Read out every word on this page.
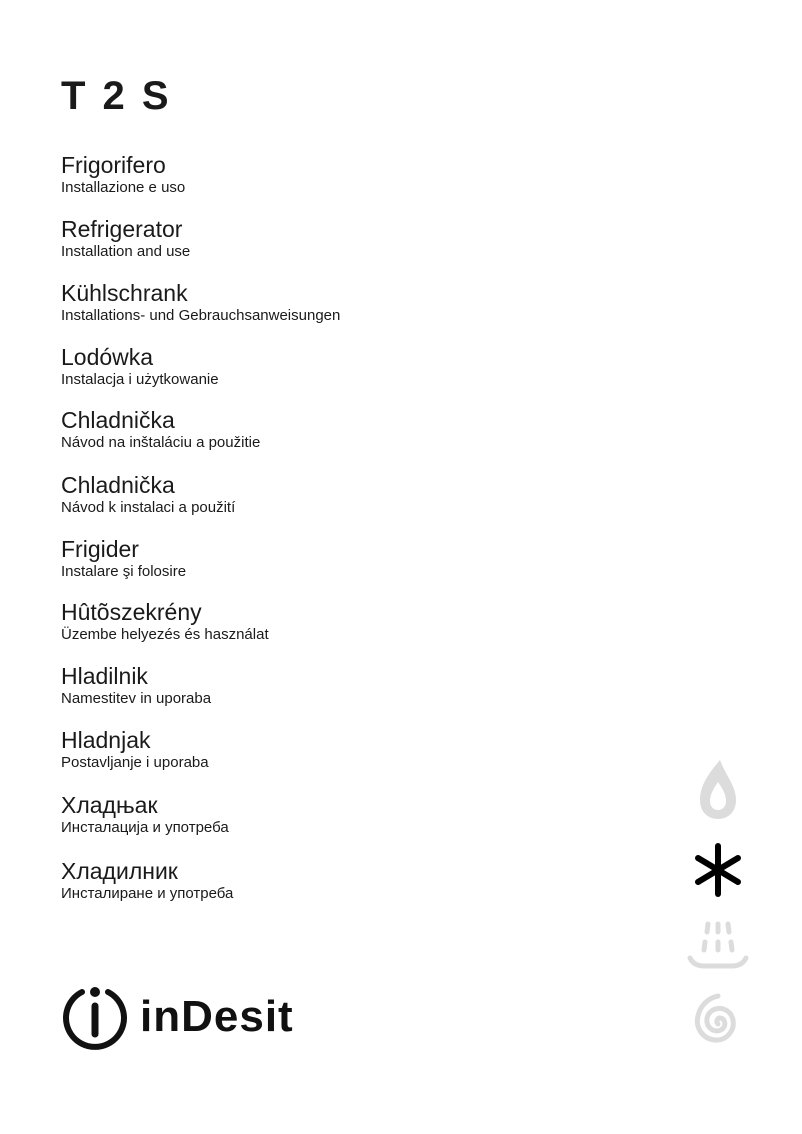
T 2 S
Frigorifero
Installazione e uso
Refrigerator
Installation and use
Kühlschrank
Installations- und Gebrauchsanweisungen
Lodówka
Instalacja i użytkowanie
Chladnička
Návod na inštaláciu a použitie
Chladnička
Návod k instalaci a použití
Frigider
Instalare şi folosire
Hûtõszekrény
Üzembe helyezés és használat
Hladilnik
Namestitev in uporaba
Hladnjak
Postavljanje i uporaba
Хладњак
Инсталација и употреба
Хладилник
Инсталиране и употреба
inDesit
